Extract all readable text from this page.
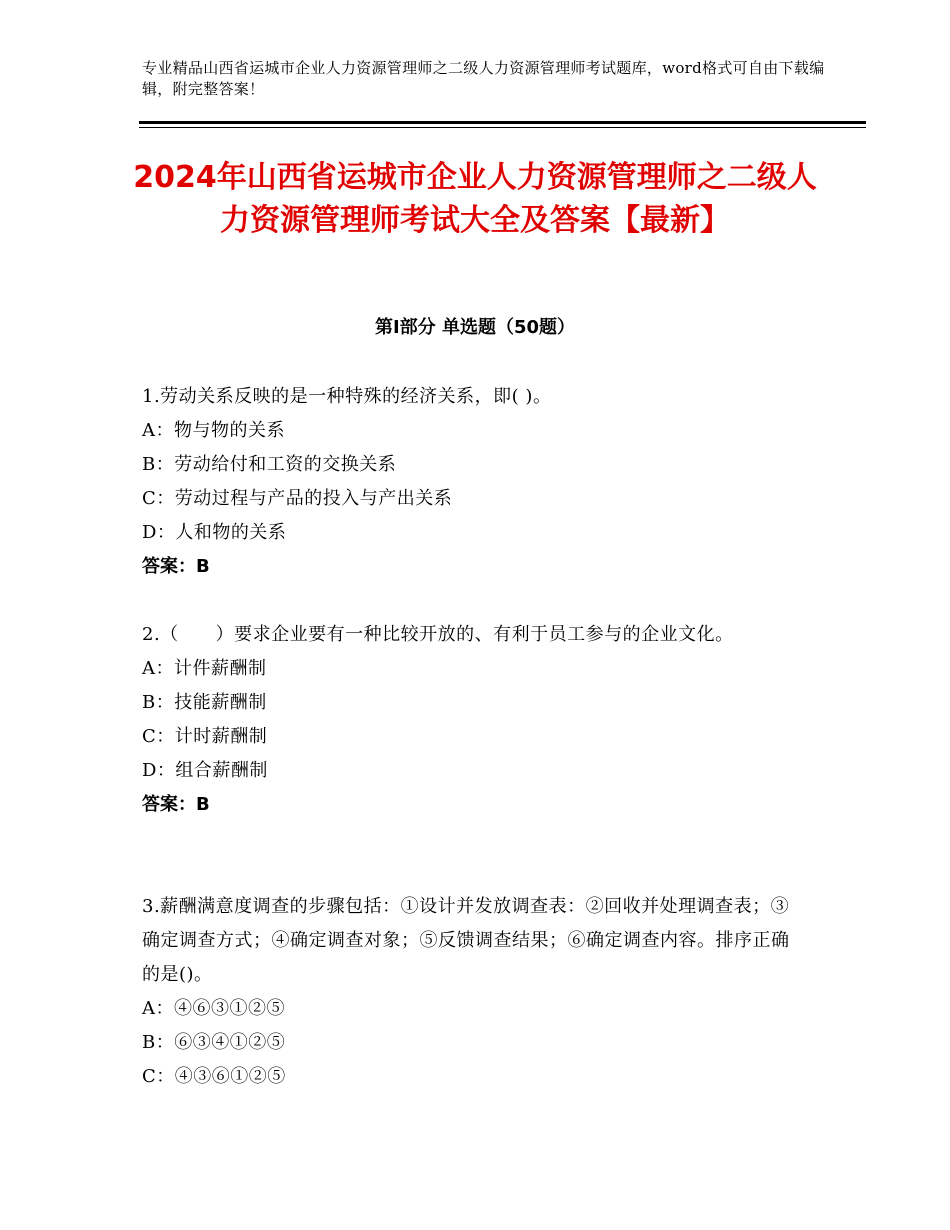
专业精品山西省运城市企业人力资源管理师之二级人力资源管理师考试题库，word格式可自由下载编辑，附完整答案！
2024年山西省运城市企业人力资源管理师之二级人力资源管理师考试大全及答案【最新】
第Ⅰ部分 单选题（50题）
1.劳动关系反映的是一种特殊的经济关系，即( )。
A：物与物的关系
B：劳动给付和工资的交换关系
C：劳动过程与产品的投入与产出关系
D：人和物的关系
答案：B
2.（　　）要求企业要有一种比较开放的、有利于员工参与的企业文化。
A：计件薪酬制
B：技能薪酬制
C：计时薪酬制
D：组合薪酬制
答案：B
3.薪酬满意度调查的步骤包括：①设计并发放调查表：②回收并处理调查表；③确定调查方式；④确定调查对象；⑤反馈调查结果；⑥确定调查内容。排序正确的是()。
A：④⑥③①②⑤
B：⑥③④①②⑤
C：④③⑥①②⑤
